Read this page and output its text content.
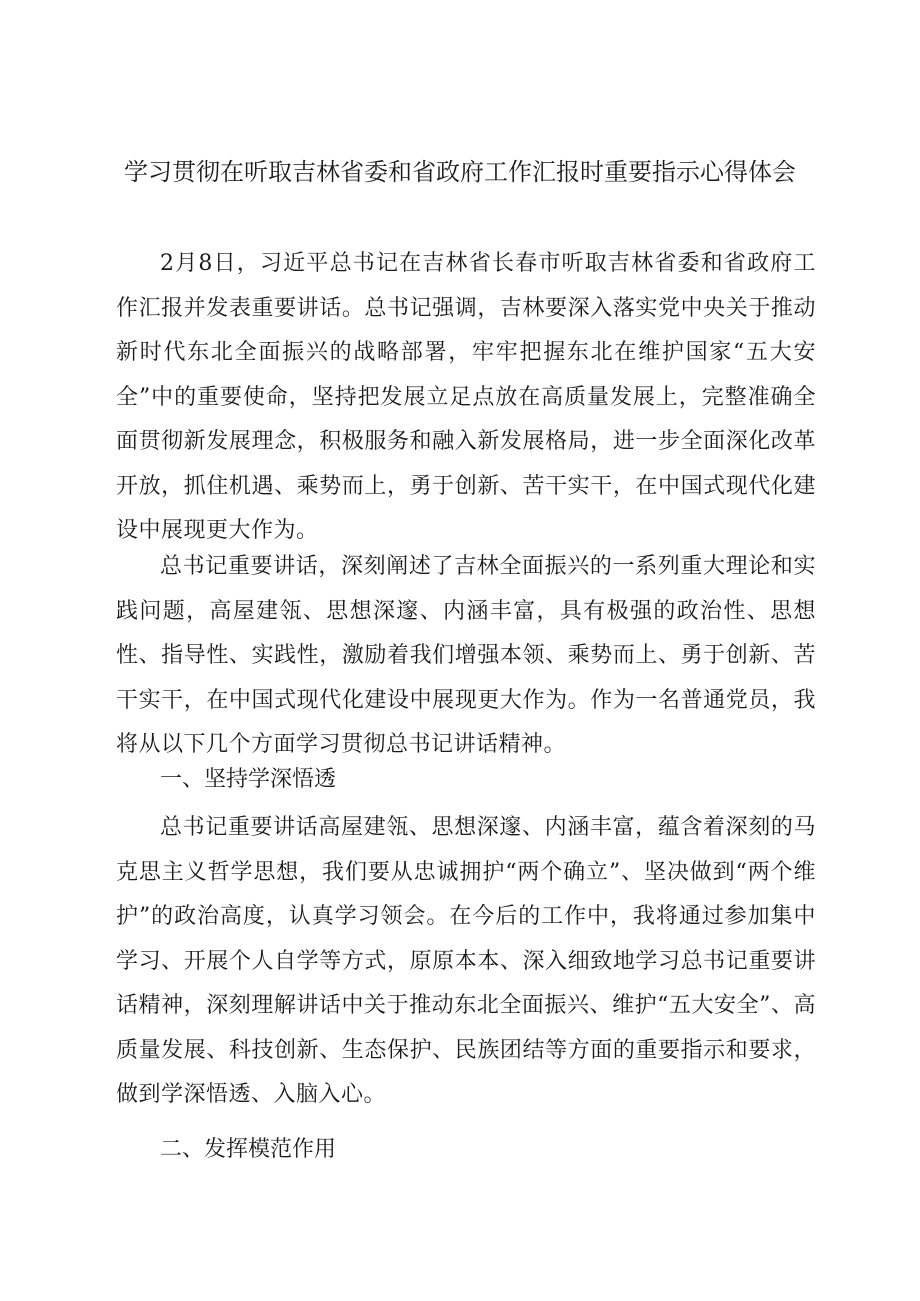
学习贯彻在听取吉林省委和省政府工作汇报时重要指示心得体会

2月8日，习近平总书记在吉林省长春市听取吉林省委和省政府工作汇报并发表重要讲话。总书记强调，吉林要深入落实党中央关于推动新时代东北全面振兴的战略部署，牢牢把握东北在维护国家“五大安全”中的重要使命，坚持把发展立足点放在高质量发展上，完整准确全面贯彻新发展理念，积极服务和融入新发展格局，进一步全面深化改革开放，抓住机遇、乘势而上，勇于创新、苦干实干，在中国式现代化建设中展现更大作为。

总书记重要讲话，深刻阐述了吉林全面振兴的一系列重大理论和实践问题，高屋建瓴、思想深邃、内涵丰富，具有极强的政治性、思想性、指导性、实践性，激励着我们增强本领、乘势而上、勇于创新、苦干实干，在中国式现代化建设中展现更大作为。作为一名普通党员，我将从以下几个方面学习贯彻总书记讲话精神。

一、坚持学深悟透

总书记重要讲话高屋建瓴、思想深邃、内涵丰富，蕴含着深刻的马克思主义哲学思想，我们要从忠诚拥护“两个确立”、坚决做到“两个维护”的政治高度，认真学习领会。在今后的工作中，我将通过参加集中学习、开展个人自学等方式，原原本本、深入细致地学习总书记重要讲话精神，深刻理解讲话中关于推动东北全面振兴、维护“五大安全”、高质量发展、科技创新、生态保护、民族团结等方面的重要指示和要求，做到学深悟透、入脑入心。

二、发挥模范作用
